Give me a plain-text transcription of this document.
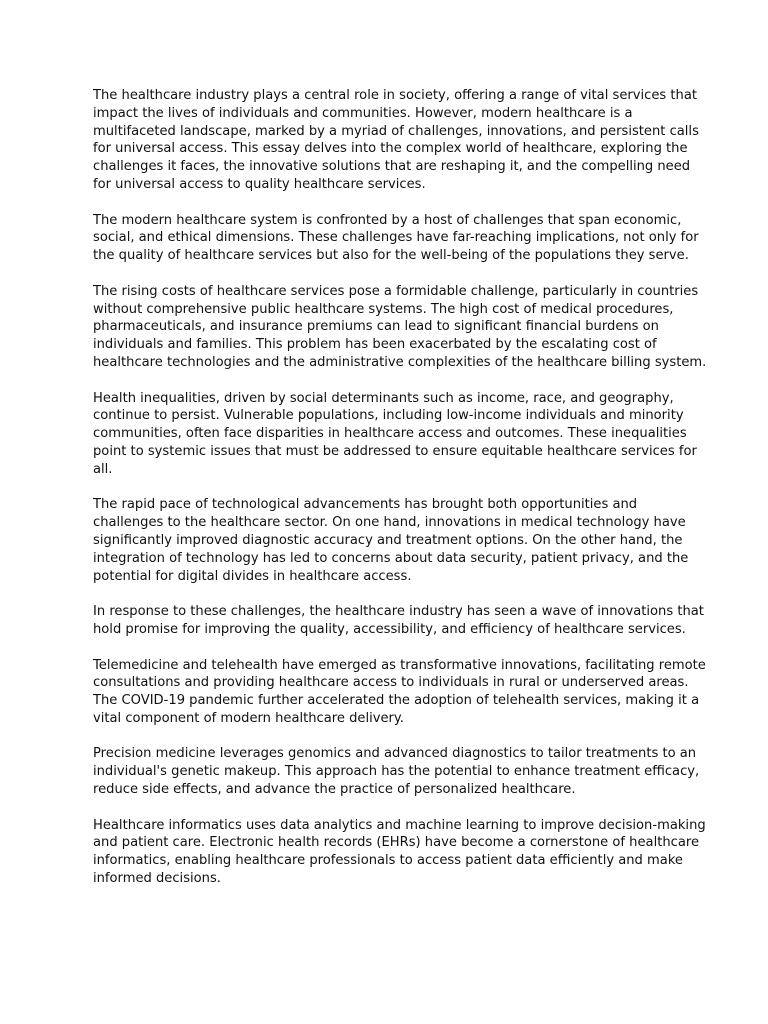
The healthcare industry plays a central role in society, offering a range of vital services that
impact the lives of individuals and communities. However, modern healthcare is a
multifaceted landscape, marked by a myriad of challenges, innovations, and persistent calls
for universal access. This essay delves into the complex world of healthcare, exploring the
challenges it faces, the innovative solutions that are reshaping it, and the compelling need
for universal access to quality healthcare services.
The modern healthcare system is confronted by a host of challenges that span economic,
social, and ethical dimensions. These challenges have far-reaching implications, not only for
the quality of healthcare services but also for the well-being of the populations they serve.
The rising costs of healthcare services pose a formidable challenge, particularly in countries
without comprehensive public healthcare systems. The high cost of medical procedures,
pharmaceuticals, and insurance premiums can lead to significant financial burdens on
individuals and families. This problem has been exacerbated by the escalating cost of
healthcare technologies and the administrative complexities of the healthcare billing system.
Health inequalities, driven by social determinants such as income, race, and geography,
continue to persist. Vulnerable populations, including low-income individuals and minority
communities, often face disparities in healthcare access and outcomes. These inequalities
point to systemic issues that must be addressed to ensure equitable healthcare services for
all.
The rapid pace of technological advancements has brought both opportunities and
challenges to the healthcare sector. On one hand, innovations in medical technology have
significantly improved diagnostic accuracy and treatment options. On the other hand, the
integration of technology has led to concerns about data security, patient privacy, and the
potential for digital divides in healthcare access.
In response to these challenges, the healthcare industry has seen a wave of innovations that
hold promise for improving the quality, accessibility, and efficiency of healthcare services.
Telemedicine and telehealth have emerged as transformative innovations, facilitating remote
consultations and providing healthcare access to individuals in rural or underserved areas.
The COVID-19 pandemic further accelerated the adoption of telehealth services, making it a
vital component of modern healthcare delivery.
Precision medicine leverages genomics and advanced diagnostics to tailor treatments to an
individual's genetic makeup. This approach has the potential to enhance treatment efficacy,
reduce side effects, and advance the practice of personalized healthcare.
Healthcare informatics uses data analytics and machine learning to improve decision-making
and patient care. Electronic health records (EHRs) have become a cornerstone of healthcare
informatics, enabling healthcare professionals to access patient data efficiently and make
informed decisions.
